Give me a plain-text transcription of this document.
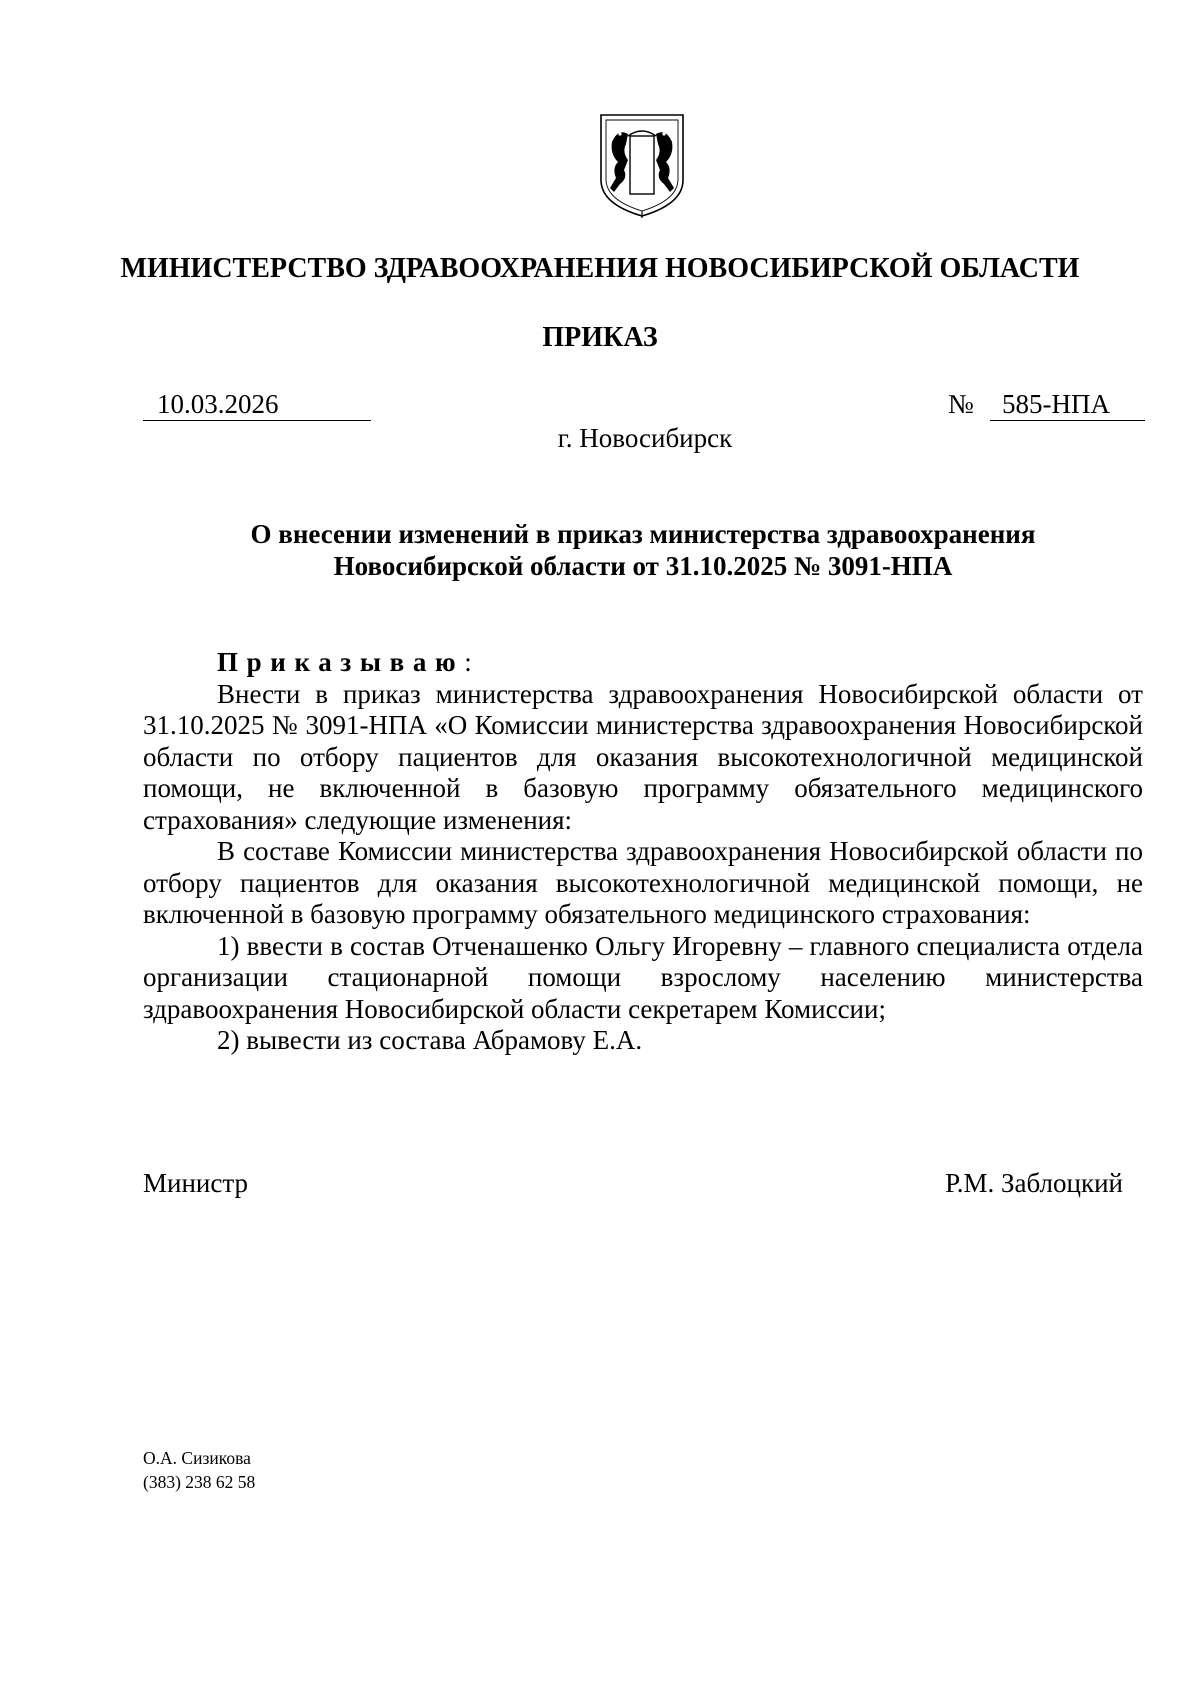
МИНИСТЕРСТВО ЗДРАВООХРАНЕНИЯ НОВОСИБИРСКОЙ ОБЛАСТИ
ПРИКАЗ
10.03.2026	№	585-НПА
г. Новосибирск
О внесении изменений в приказ министерства здравоохранения
Новосибирской области от 31.10.2025 № 3091-НПА

Приказываю:

Внести в приказ министерства здравоохранения Новосибирской области от 31.10.2025 № 3091-НПА «О Комиссии министерства здравоохранения Новосибирской области по отбору пациентов для оказания высокотехнологичной медицинской помощи, не включенной в базовую программу обязательного медицинского страхования» следующие изменения:

В составе Комиссии министерства здравоохранения Новосибирской области по отбору пациентов для оказания высокотехнологичной медицинской помощи, не включенной в базовую программу обязательного медицинского страхования:

1) ввести в состав Отченашенко Ольгу Игоревну – главного специалиста отдела организации стационарной помощи взрослому населению министерства здравоохранения Новосибирской области секретарем Комиссии;

2) вывести из состава Абрамову Е.А.

Министр	Р.М. Заблоцкий
О.А. Сизикова
(383) 238 62 58
